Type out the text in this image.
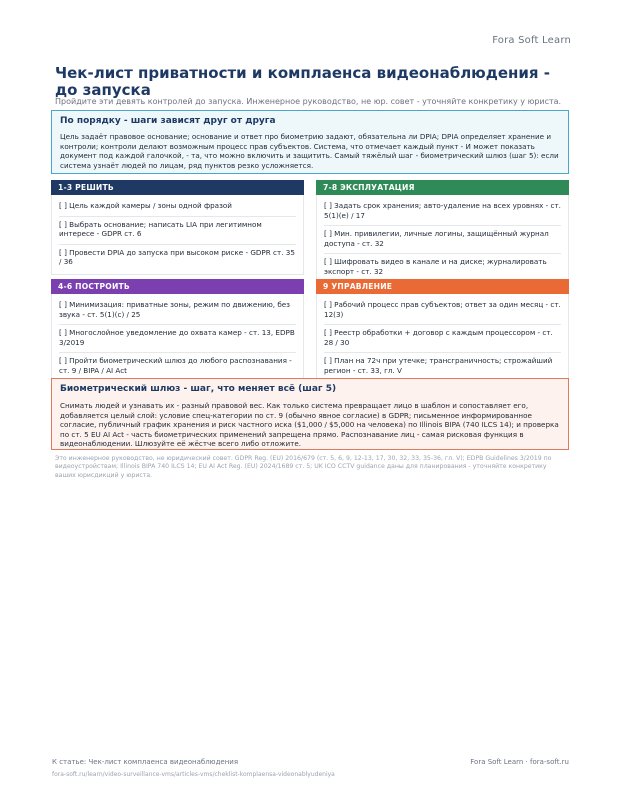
Fora Soft Learn
Чек-лист приватности и комплаенса видеонаблюдения - до запуска
Пройдите эти девять контролей до запуска. Инженерное руководство, не юр. совет - уточняйте конкретику у юриста.
По порядку - шаги зависят друг от друга

Цель задаёт правовое основание; основание и ответ про биометрию задают, обязательна ли DPIA; DPIA определяет хранение и контроли; контроли делают возможным процесс прав субъектов. Система, что отмечает каждый пункт - И может показать документ под каждой галочкой, - та, что можно включить и защитить. Самый тяжёлый шаг - биометрический шлюз (шаг 5): если система узнаёт людей по лицам, ряд пунктов резко усложняется.

1-3 РЕШИТЬ
[ ] Цель каждой камеры / зоны одной фразой
[ ] Выбрать основание; написать LIA при легитимном интересе - GDPR ст. 6
[ ] Провести DPIA до запуска при высоком риске - GDPR ст. 35 / 36
7-8 ЭКСПЛУАТАЦИЯ
[ ] Задать срок хранения; авто-удаление на всех уровнях - ст. 5(1)(e) / 17
[ ] Мин. привилегии, личные логины, защищённый журнал доступа - ст. 32
[ ] Шифровать видео в канале и на диске; журналировать экспорт - ст. 32
4-6 ПОСТРОИТЬ
[ ] Минимизация: приватные зоны, режим по движению, без звука - ст. 5(1)(c) / 25
[ ] Многослойное уведомление до охвата камер - ст. 13, EDPB 3/2019
[ ] Пройти биометрический шлюз до любого распознавания - ст. 9 / BIPA / AI Act
9 УПРАВЛЕНИЕ
[ ] Рабочий процесс прав субъектов; ответ за один месяц - ст. 12(3)
[ ] Реестр обработки + договор с каждым процессором - ст. 28 / 30
[ ] План на 72ч при утечке; трансграничность; строжайший регион - ст. 33, гл. V
Биометрический шлюз - шаг, что меняет всё (шаг 5)

Снимать людей и узнавать их - разный правовой вес. Как только система превращает лицо в шаблон и сопоставляет его, добавляется целый слой: условие спец-категории по ст. 9 (обычно явное согласие) в GDPR; письменное информированное согласие, публичный график хранения и риск частного иска ($1,000 / $5,000 на человека) по Illinois BIPA (740 ILCS 14); и проверка по ст. 5 EU AI Act - часть биометрических применений запрещена прямо. Распознавание лиц - самая рисковая функция в видеонаблюдении. Шлюзуйте её жёстче всего либо отложите.

Это инженерное руководство, не юридический совет. GDPR Reg. (EU) 2016/679 (ст. 5, 6, 9, 12-13, 17, 30, 32, 33, 35-36, гл. V); EDPB Guidelines 3/2019 по видеоустройствам; Illinois BIPA 740 ILCS 14; EU AI Act Reg. (EU) 2024/1689 ст. 5; UK ICO CCTV guidance даны для планирования - уточняйте конкретику ваших юрисдикций у юриста.
К статье: Чек-лист комплаенса видеонаблюдения	Fora Soft Learn · fora-soft.ru
fora-soft.ru/learn/video-surveillance-vms/articles-vms/cheklist-komplaensa-videonablyudeniya
